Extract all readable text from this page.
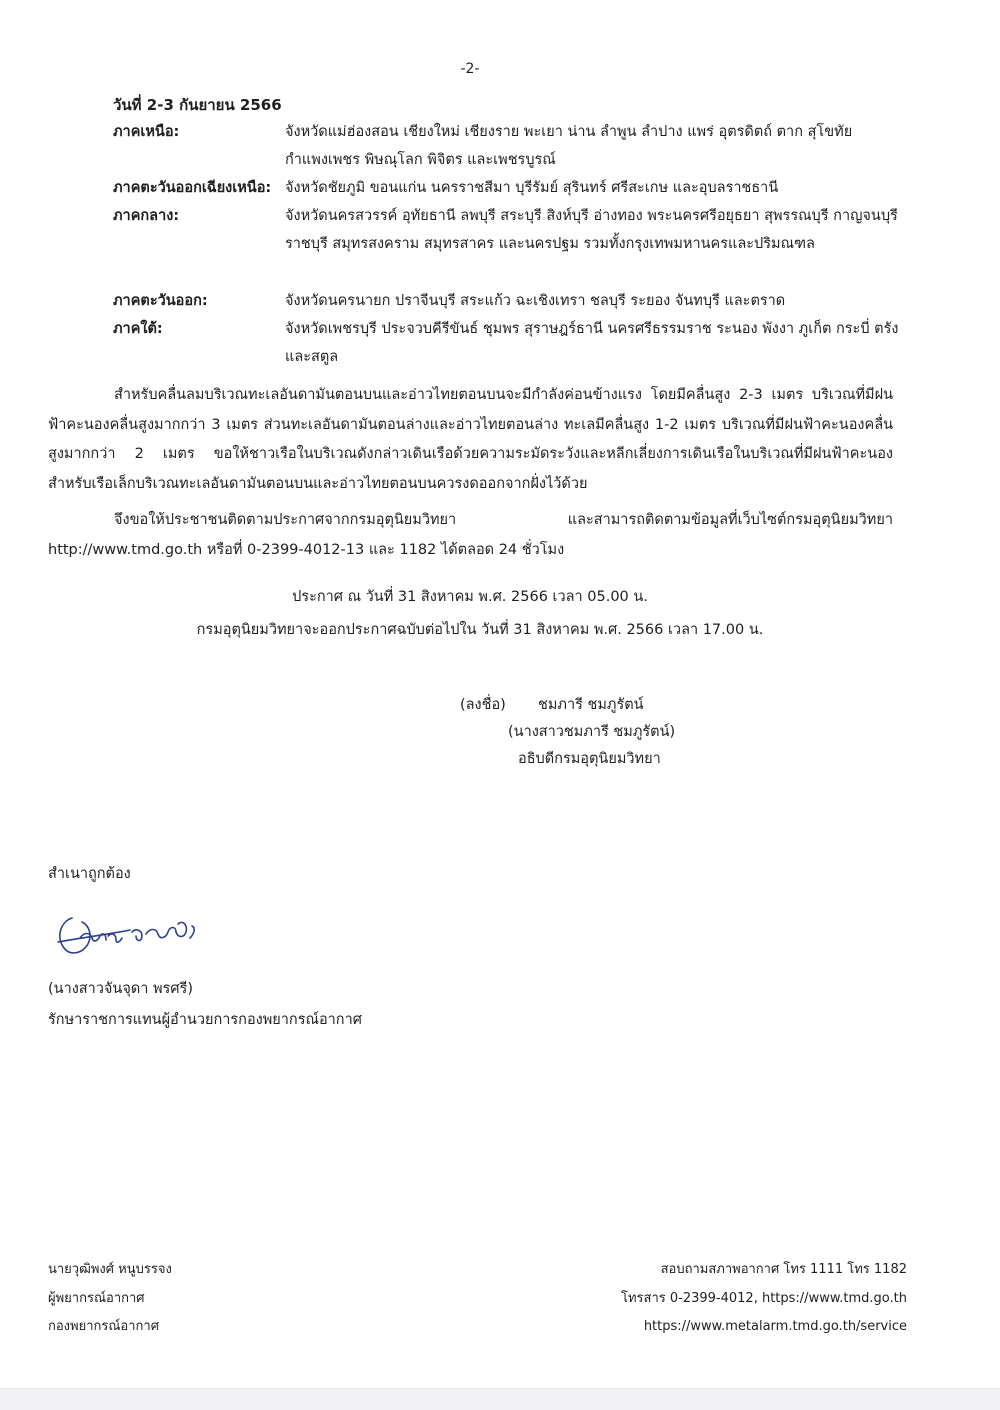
-2-
วันที่ 2-3 กันยายน 2566
ภาคเหนือ:	จังหวัดแม่ฮ่องสอน เชียงใหม่ เชียงราย พะเยา น่าน ลำพูน ลำปาง แพร่ อุตรดิตถ์ ตาก สุโขทัย กำแพงเพชร พิษณุโลก พิจิตร และเพชรบูรณ์
ภาคตะวันออกเฉียงเหนือ: จังหวัดชัยภูมิ ขอนแก่น นครราชสีมา บุรีรัมย์ สุรินทร์ ศรีสะเกษ และอุบลราชธานี
ภาคกลาง:	จังหวัดนครสวรรค์ อุทัยธานี ลพบุรี สระบุรี สิงห์บุรี อ่างทอง พระนครศรีอยุธยา สุพรรณบุรี กาญจนบุรี ราชบุรี สมุทรสงคราม สมุทรสาคร และนครปฐม รวมทั้งกรุงเทพมหานครและปริมณฑล
ภาคตะวันออก:	จังหวัดนครนายก ปราจีนบุรี สระแก้ว ฉะเชิงเทรา ชลบุรี ระยอง จันทบุรี และตราด
ภาคใต้:	จังหวัดเพชรบุรี ประจวบคีรีขันธ์ ชุมพร สุราษฎร์ธานี นครศรีธรรมราช ระนอง พังงา ภูเก็ต กระบี่ ตรัง และสตูล
สำหรับคลื่นลมบริเวณทะเลอันดามันตอนบนและอ่าวไทยตอนบนจะมีกำลังค่อนข้างแรง โดยมีคลื่นสูง 2-3 เมตร บริเวณที่มีฝนฟ้าคะนองคลื่นสูงมากกว่า 3 เมตร ส่วนทะเลอันดามันตอนล่างและอ่าวไทยตอนล่าง ทะเลมีคลื่นสูง 1-2 เมตร บริเวณที่มีฝนฟ้าคะนองคลื่นสูงมากกว่า 2 เมตร ขอให้ชาวเรือในบริเวณดังกล่าวเดินเรือด้วยความระมัดระวังและหลีกเลี่ยงการเดินเรือในบริเวณที่มีฝนฟ้าคะนอง สำหรับเรือเล็กบริเวณทะเลอันดามันตอนบนและอ่าวไทยตอนบนควรงดออกจากฝั่งไว้ด้วย
จึงขอให้ประชาชนติดตามประกาศจากกรมอุตุนิยมวิทยา และสามารถติดตามข้อมูลที่เว็บไซต์กรมอุตุนิยมวิทยา http://www.tmd.go.th หรือที่ 0-2399-4012-13 และ 1182 ได้ตลอด 24 ชั่วโมง
ประกาศ ณ วันที่ 31 สิงหาคม พ.ศ. 2566 เวลา 05.00 น.
กรมอุตุนิยมวิทยาจะออกประกาศฉบับต่อไปใน วันที่ 31 สิงหาคม พ.ศ. 2566 เวลา 17.00 น.
(ลงชื่อ) ชมภารี ชมภูรัตน์
(นางสาวชมภารี ชมภูรัตน์)
อธิบดีกรมอุตุนิยมวิทยา
สำเนาถูกต้อง
(นางสาวจันจุดา พรศรี)
รักษาราชการแทนผู้อำนวยการกองพยากรณ์อากาศ
นายวุฒิพงศ์ หนูบรรจง
ผู้พยากรณ์อากาศ
กองพยากรณ์อากาศ
สอบถามสภาพอากาศ โทร 1111 โทร 1182
โทรสาร 0-2399-4012, https://www.tmd.go.th
https://www.metalarm.tmd.go.th/service
